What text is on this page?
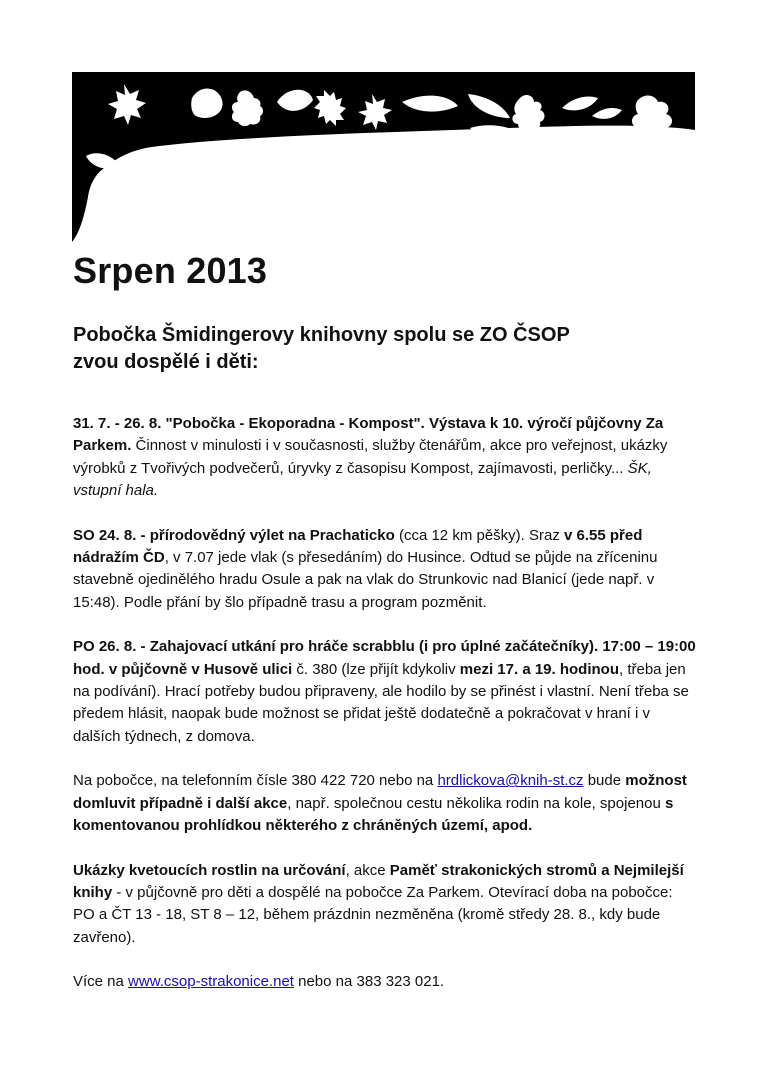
Srpen 2013
Pobočka Šmidingerovy knihovny spolu se ZO ČSOP
zvou dospělé i děti:

31. 7. - 26. 8. "Pobočka - Ekoporadna - Kompost". Výstava k 10. výročí půjčovny Za Parkem. Činnost v minulosti i v současnosti, služby čtenářům, akce pro veřejnost, ukázky výrobků z Tvořivých podvečerů, úryvky z časopisu Kompost, zajímavosti, perličky... ŠK, vstupní hala.

SO 24. 8. - přírodovědný výlet na Prachaticko (cca 12 km pěšky). Sraz v 6.55 před nádražím ČD, v 7.07 jede vlak (s přesedáním) do Husince. Odtud se půjde na zříceninu stavebně ojedinělého hradu Osule a pak na vlak do Strunkovic nad Blanicí (jede např. v 15:48). Podle přání by šlo případně trasu a program pozměnit.

PO 26. 8. - Zahajovací utkání pro hráče scrabblu (i pro úplné začátečníky). 17:00 – 19:00 hod. v půjčovně v Husově ulici č. 380 (lze přijít kdykoliv mezi 17. a 19. hodinou, třeba jen na podívání). Hrací potřeby budou připraveny, ale hodilo by se přinést i vlastní. Není třeba se předem hlásit, naopak bude možnost se přidat ještě dodatečně a pokračovat v hraní i v dalších týdnech, z domova.

Na pobočce, na telefonním čísle 380 422 720 nebo na hrdlickova@knih-st.cz bude možnost domluvit případně i další akce, např. společnou cestu několika rodin na kole, spojenou s komentovanou prohlídkou některého z chráněných území, apod.

Ukázky kvetoucích rostlin na určování, akce Paměť strakonických stromů a Nejmilejší knihy - v půjčovně pro děti a dospělé na pobočce Za Parkem. Otevírací doba na pobočce: PO a ČT 13 - 18, ST 8 – 12, během prázdnin nezměněna (kromě středy 28. 8., kdy bude zavřeno).

Více na www.csop-strakonice.net nebo na 383 323 021.
